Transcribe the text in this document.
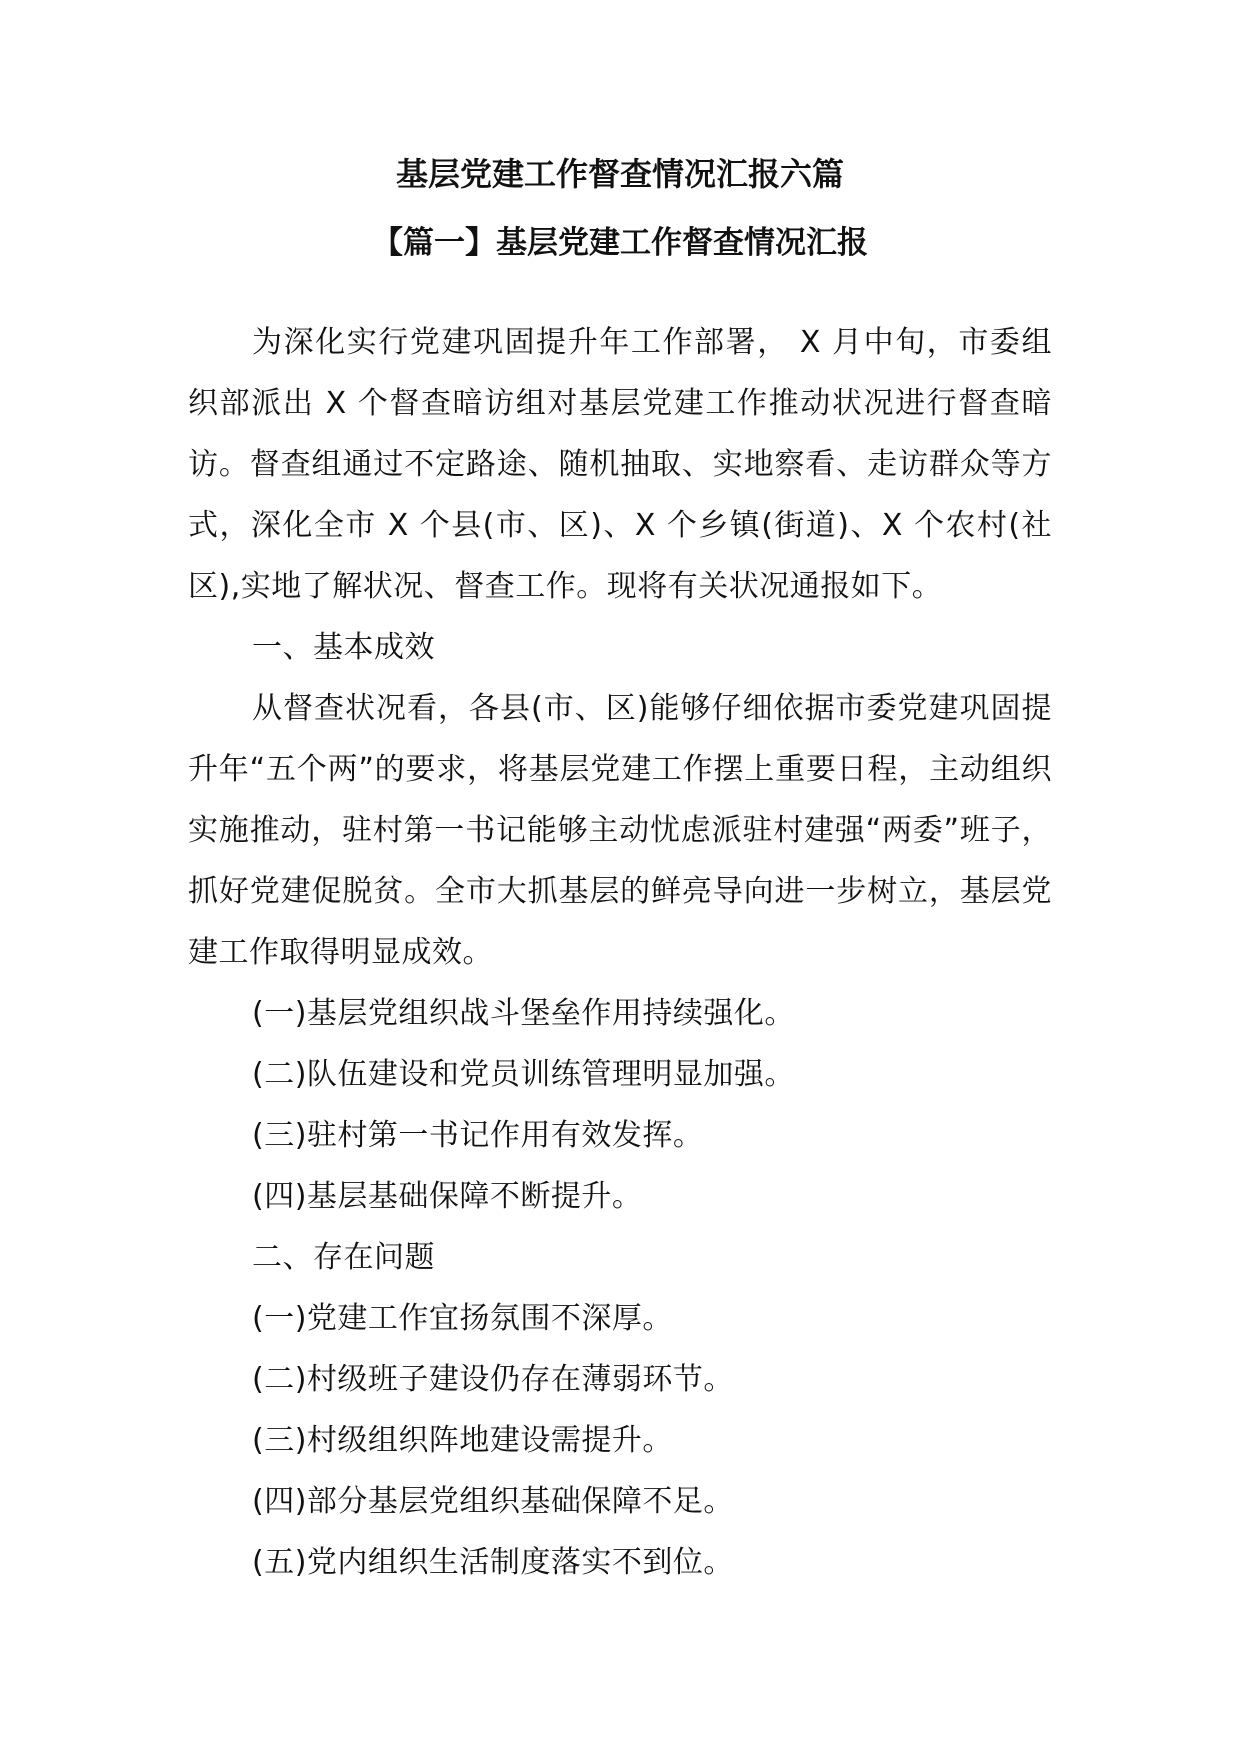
基层党建工作督查情况汇报六篇
【篇一】基层党建工作督查情况汇报

为深化实行党建巩固提升年工作部署， X 月中旬，市委组织部派出 X 个督查暗访组对基层党建工作推动状况进行督查暗访。督查组通过不定路途、随机抽取、实地察看、走访群众等方式，深化全市 X 个县(市、区)、X 个乡镇(街道)、X 个农村(社区),实地了解状况、督查工作。现将有关状况通报如下。

一、基本成效

从督查状况看，各县(市、区)能够仔细依据市委党建巩固提升年“五个两”的要求，将基层党建工作摆上重要日程，主动组织实施推动，驻村第一书记能够主动忧虑派驻村建强“两委”班子，抓好党建促脱贫。全市大抓基层的鲜亮导向进一步树立，基层党建工作取得明显成效。

(一)基层党组织战斗堡垒作用持续强化。

(二)队伍建设和党员训练管理明显加强。

(三)驻村第一书记作用有效发挥。

(四)基层基础保障不断提升。

二、存在问题

(一)党建工作宜扬氛围不深厚。

(二)村级班子建设仍存在薄弱环节。

(三)村级组织阵地建设需提升。

(四)部分基层党组织基础保障不足。

(五)党内组织生活制度落实不到位。
